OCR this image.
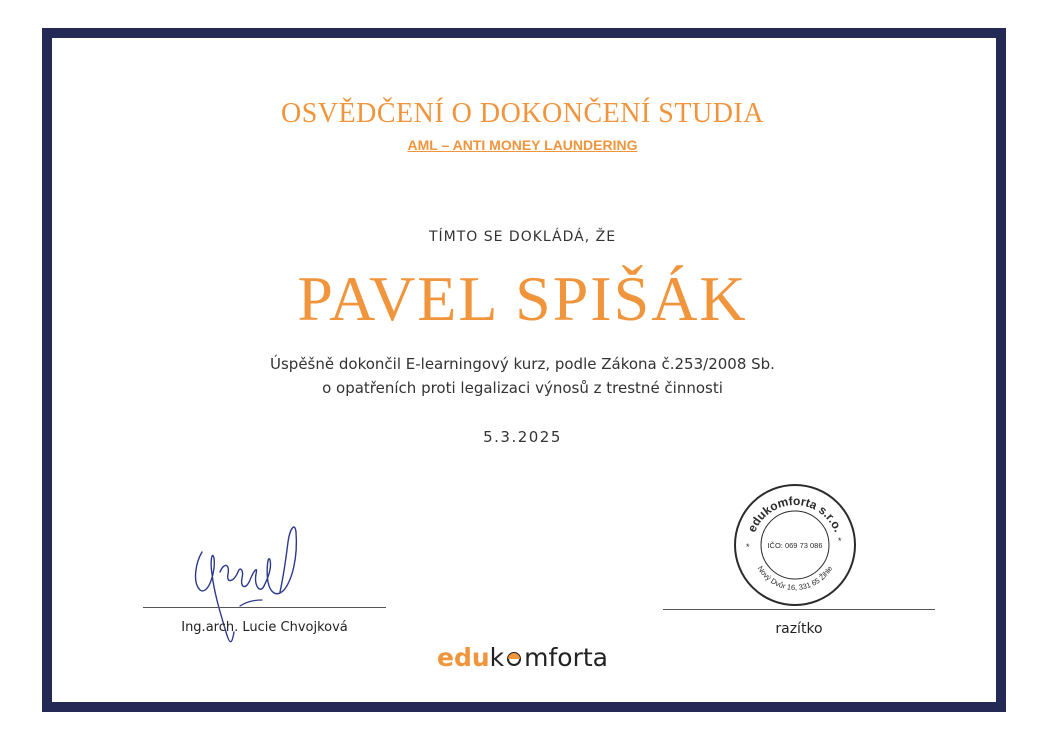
OSVĚDČENÍ O DOKONČENÍ STUDIA
AML – ANTI MONEY LAUNDERING
TÍMTO SE DOKLÁDÁ, ŽE
PAVEL SPIŠÁK
Úspěšně dokončil E-learningový kurz, podle Zákona č.253/2008 Sb.
o opatřeních proti legalizaci výnosů z trestné činnosti
5.3.2025
Ing.arch. Lucie Chvojková
edukomforta s.r.o.
Nový Dvůr 16, 331 65 Žihle
IČO: 069 73 086
*
*
razítko
eduk mforta
